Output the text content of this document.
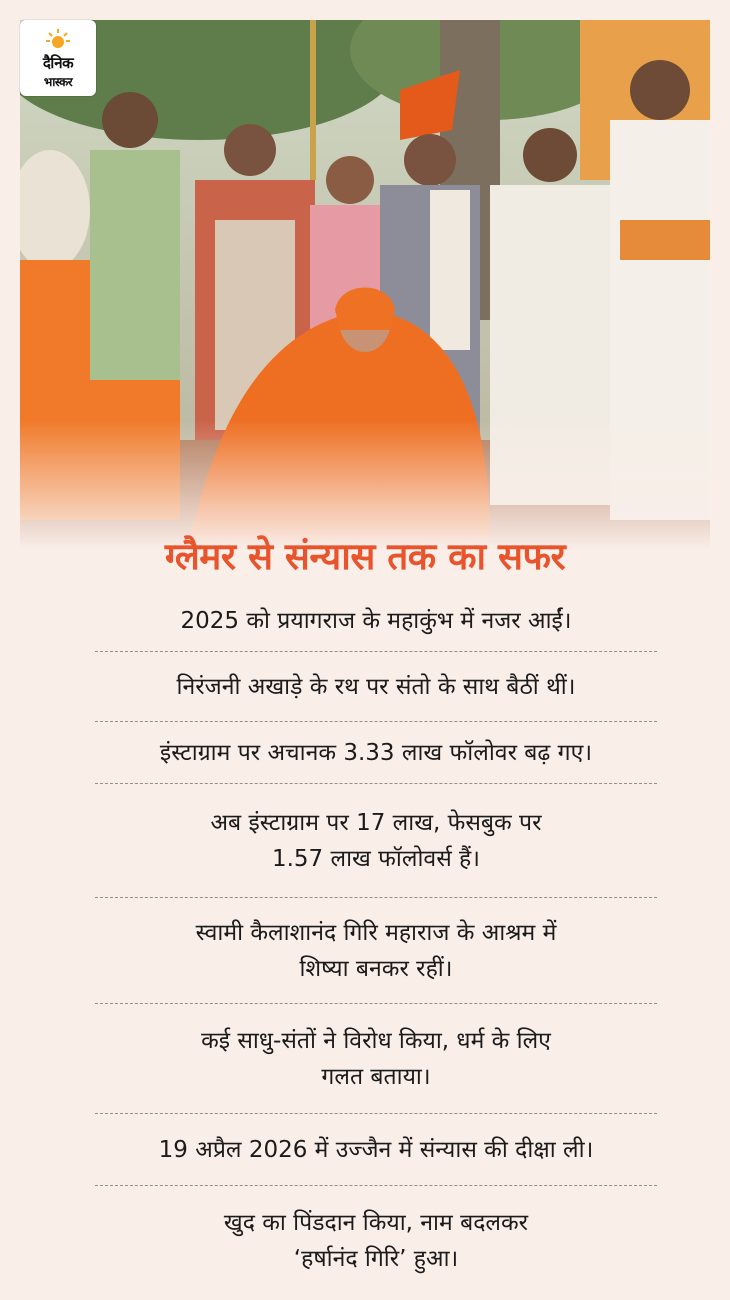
दैनिक
भास्कर
ग्लैमर से संन्यास तक का सफर
2025 को प्रयागराज के महाकुंभ में नजर आईं।
निरंजनी अखाड़े के रथ पर संतो के साथ बैठीं थीं।
इंस्टाग्राम पर अचानक 3.33 लाख फॉलोवर बढ़ गए।
अब इंस्टाग्राम पर 17 लाख, फेसबुक पर
1.57 लाख फॉलोवर्स हैं।
स्वामी कैलाशानंद गिरि महाराज के आश्रम में
शिष्या बनकर रहीं।
कई साधु-संतों ने विरोध किया, धर्म के लिए
गलत बताया।
19 अप्रैल 2026 में उज्जैन में संन्यास की दीक्षा ली।
खुद का पिंडदान किया, नाम बदलकर
‘हर्षानंद गिरि’ हुआ।
